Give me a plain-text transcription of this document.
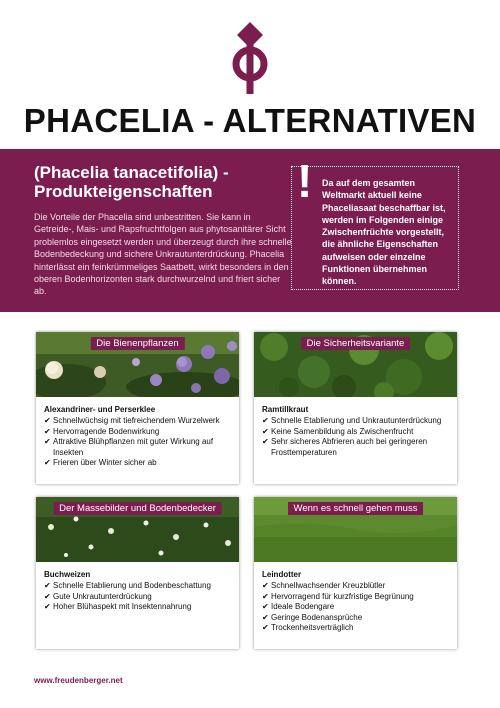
PHACELIA - ALTERNATIVEN
(Phacelia tanacetifolia) -
Produkteigenschaften
Die Vorteile der Phacelia sind unbestritten. Sie kann in Getreide-, Mais- und Rapsfruchtfolgen aus phytosanitärer Sicht problemlos eingesetzt werden und überzeugt durch ihre schnelle Bodenbedeckung und sichere Unkrautunterdrückung. Phacelia hinterlässt ein feinkrümmeliges Saatbett, wirkt besonders in den oberen Bodenhorizonten stark durchwurzelnd und friert sicher ab.
! Da auf dem gesamten Weltmarkt aktuell keine Phaceliasaat beschaffbar ist, werden im Folgenden einige Zwischenfrüchte vorgestellt, die ähnliche Eigenschaften aufweisen oder einzelne Funktionen übernehmen können.
Die Bienenpflanzen
Alexandriner- und Perserklee
✔ Schnellwüchsig mit tiefreichendem Wurzelwerk
✔ Hervorragende Bodenwirkung
✔ Attraktive Blühpflanzen mit guter Wirkung auf Insekten
✔ Frieren über Winter sicher ab
Die Sicherheitsvariante
Ramtillkraut
✔ Schnelle Etablierung und Unkrautunterdrückung
✔ Keine Samenbildung als Zwischenfrucht
✔ Sehr sicheres Abfrieren auch bei geringeren Frosttemperaturen
Der Massebilder und Bodenbedecker
Buchweizen
✔ Schnelle Etablierung und Bodenbeschattung
✔ Gute Unkrautunterdrückung
✔ Hoher Blühaspekt mit Insektennahrung
Wenn es schnell gehen muss
Leindotter
✔ Schnellwachsender Kreuzblütler
✔ Hervorragend für kurzfristige Begrünung
✔ Ideale Bodengare
✔ Geringe Bodenansprüche
✔ Trockenheitsverträglich
www.freudenberger.net
